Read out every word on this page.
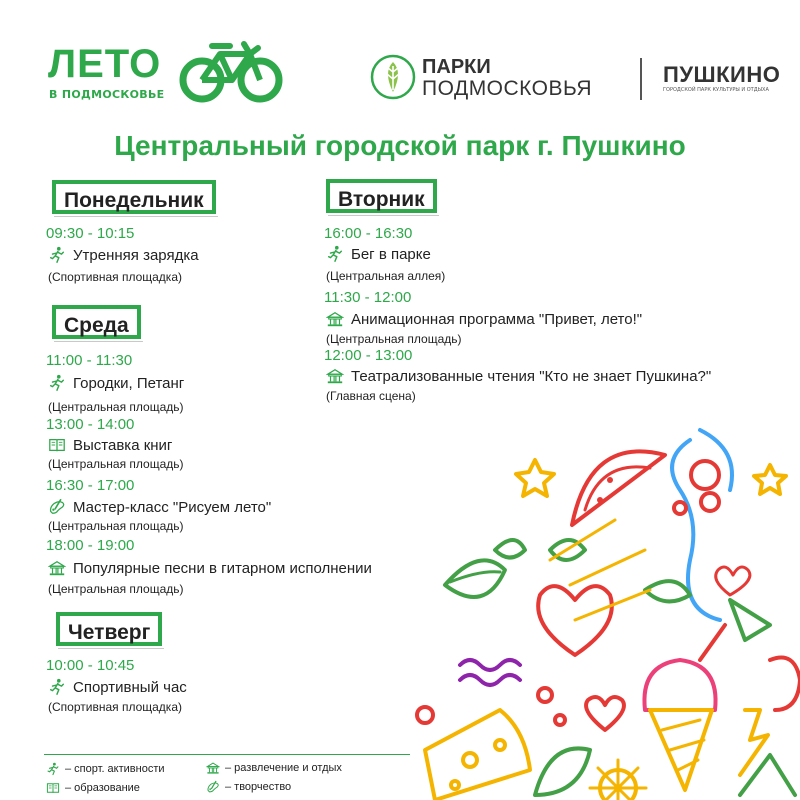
ЛЕТО
В ПОДМОСКОВЬЕ
ПАРКИ
ПОДМОСКОВЬЯ
ПУШКИНО
ГОРОДСКОЙ ПАРК КУЛЬТУРЫ И ОТДЫХА
Центральный городской парк г. Пушкино
Понедельник
09:30 - 10:15
Утренняя зарядка
(Спортивная площадка)
Вторник
16:00 - 16:30
Бег в парке
(Центральная аллея)
11:30 - 12:00
Анимационная программа "Привет, лето!"
(Центральная площадь)
12:00 - 13:00
Театрализованные чтения "Кто не знает Пушкина?"
(Главная сцена)
Среда
11:00 - 11:30
Городки, Петанг
(Центральная площадь)
13:00 - 14:00
Выставка книг
(Центральная площадь)
16:30 - 17:00
Мастер-класс "Рисуем лето"
(Центральная площадь)
18:00 - 19:00
Популярные песни в гитарном исполнении
(Центральная площадь)
Четверг
10:00 - 10:45
Спортивный час
(Спортивная площадка)
– спорт. активности	– развлечение и отдых
– образование	– творчество
